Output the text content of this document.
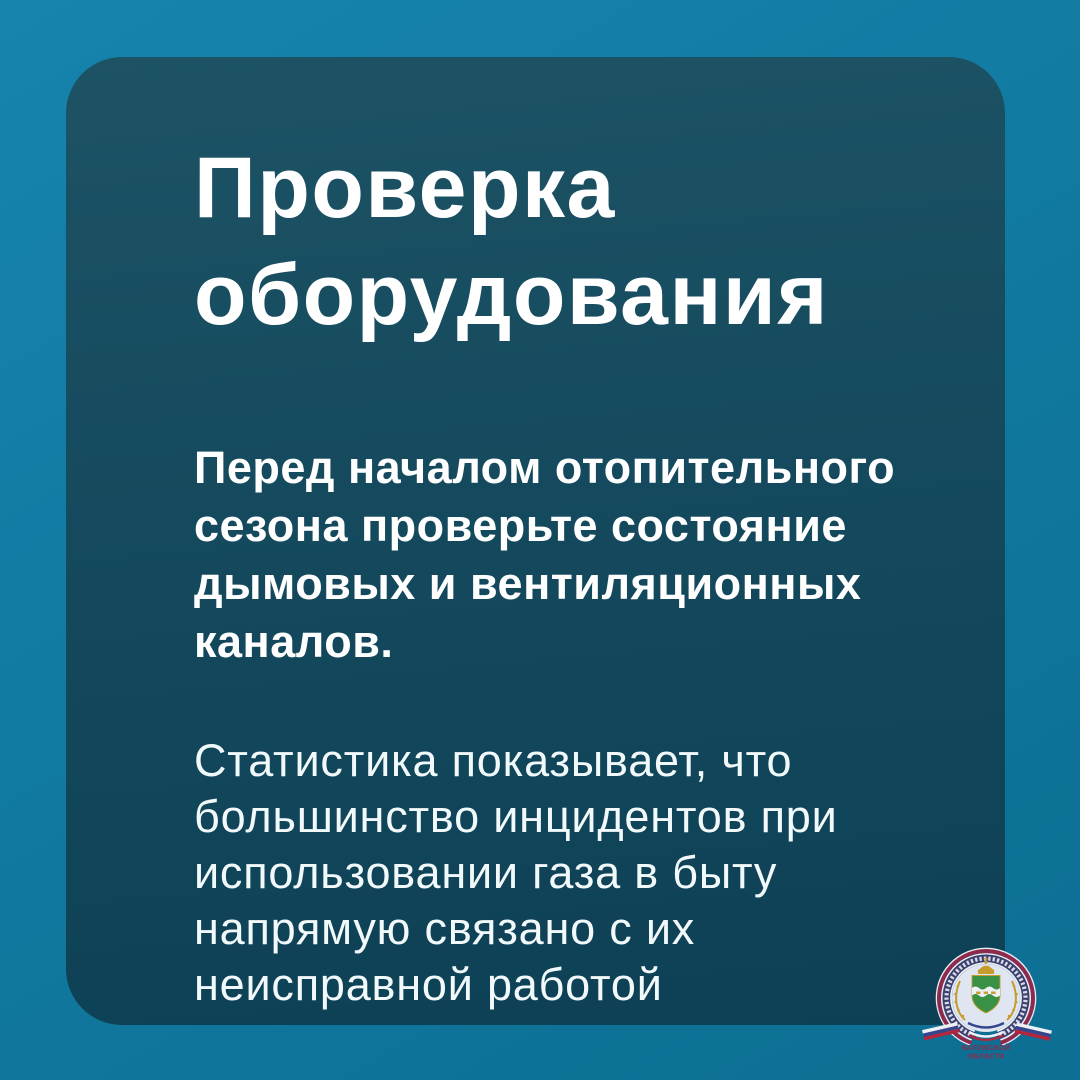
Проверка
оборудования

Перед началом отопительного
сезона проверьте состояние
дымовых и вентиляционных
каналов.

Статистика показывает, что
большинство инцидентов при
использовании газа в быту
напрямую связано с их
неисправной работой

КАЛУЖСКОЙ
ОБЛАСТИ
